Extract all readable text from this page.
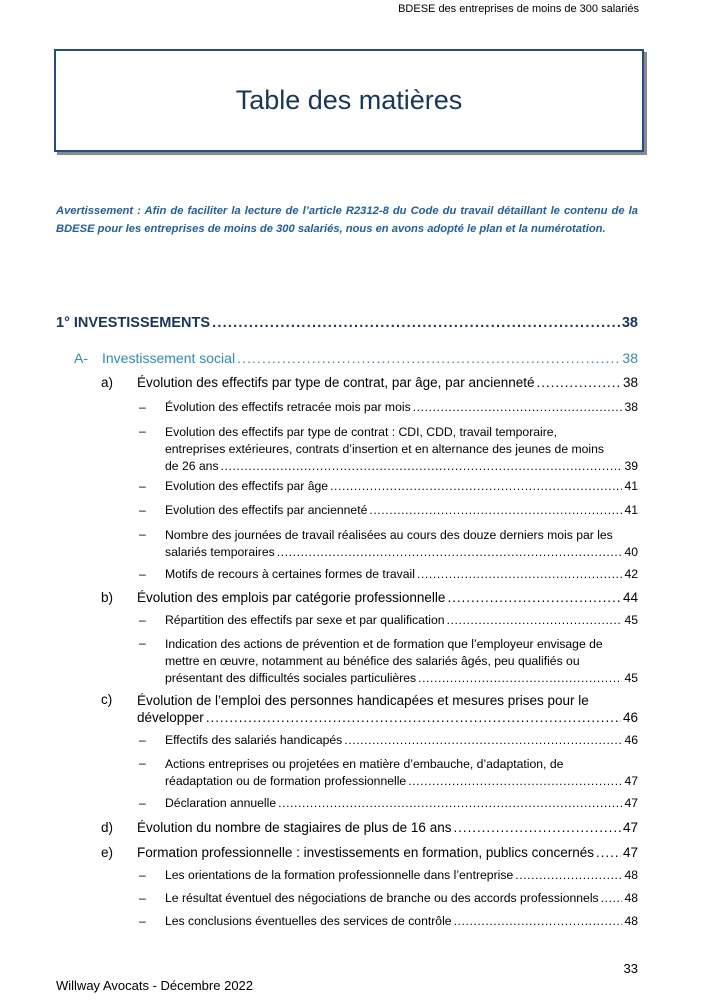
BDESE des entreprises de moins de 300 salariés
Table des matières
Avertissement : Afin de faciliter la lecture de l’article R2312-8 du Code du travail détaillant le contenu de la BDESE pour les entreprises de moins de 300 salariés, nous en avons adopté le plan et la numérotation.
1° INVESTISSEMENTS . . .	38
A- Investissement social . . .	38
a) Évolution des effectifs par type de contrat, par âge, par ancienneté . . .	38
– Évolution des effectifs retracée mois par mois . . .	38
– Evolution des effectifs par type de contrat : CDI, CDD, travail temporaire,
entreprises extérieures, contrats d’insertion et en alternance des jeunes de moins
de 26 ans . . .	39
– Evolution des effectifs par âge . . .	41
– Evolution des effectifs par ancienneté . . .	41
– Nombre des journées de travail réalisées au cours des douze derniers mois par les
salariés temporaires . . .	40
– Motifs de recours à certaines formes de travail . . .	42
b) Évolution des emplois par catégorie professionnelle . . .	44
– Répartition des effectifs par sexe et par qualification . . .	45
– Indication des actions de prévention et de formation que l’employeur envisage de
mettre en œuvre, notamment au bénéfice des salariés âgés, peu qualifiés ou
présentant des difficultés sociales particulières . . .	45
c) Évolution de l’emploi des personnes handicapées et mesures prises pour le
développer . . .	46
– Effectifs des salariés handicapés . . .	46
– Actions entreprises ou projetées en matière d’embauche, d’adaptation, de
réadaptation ou de formation professionnelle . . .	47
– Déclaration annuelle . . .	47
d) Évolution du nombre de stagiaires de plus de 16 ans . . .	47
e) Formation professionnelle : investissements en formation, publics concernés . . . 47
– Les orientations de la formation professionnelle dans l’entreprise . . .	48
– Le résultat éventuel des négociations de branche ou des accords professionnels . . . 48
– Les conclusions éventuelles des services de contrôle . . .	48
33
Willway Avocats - Décembre 2022
